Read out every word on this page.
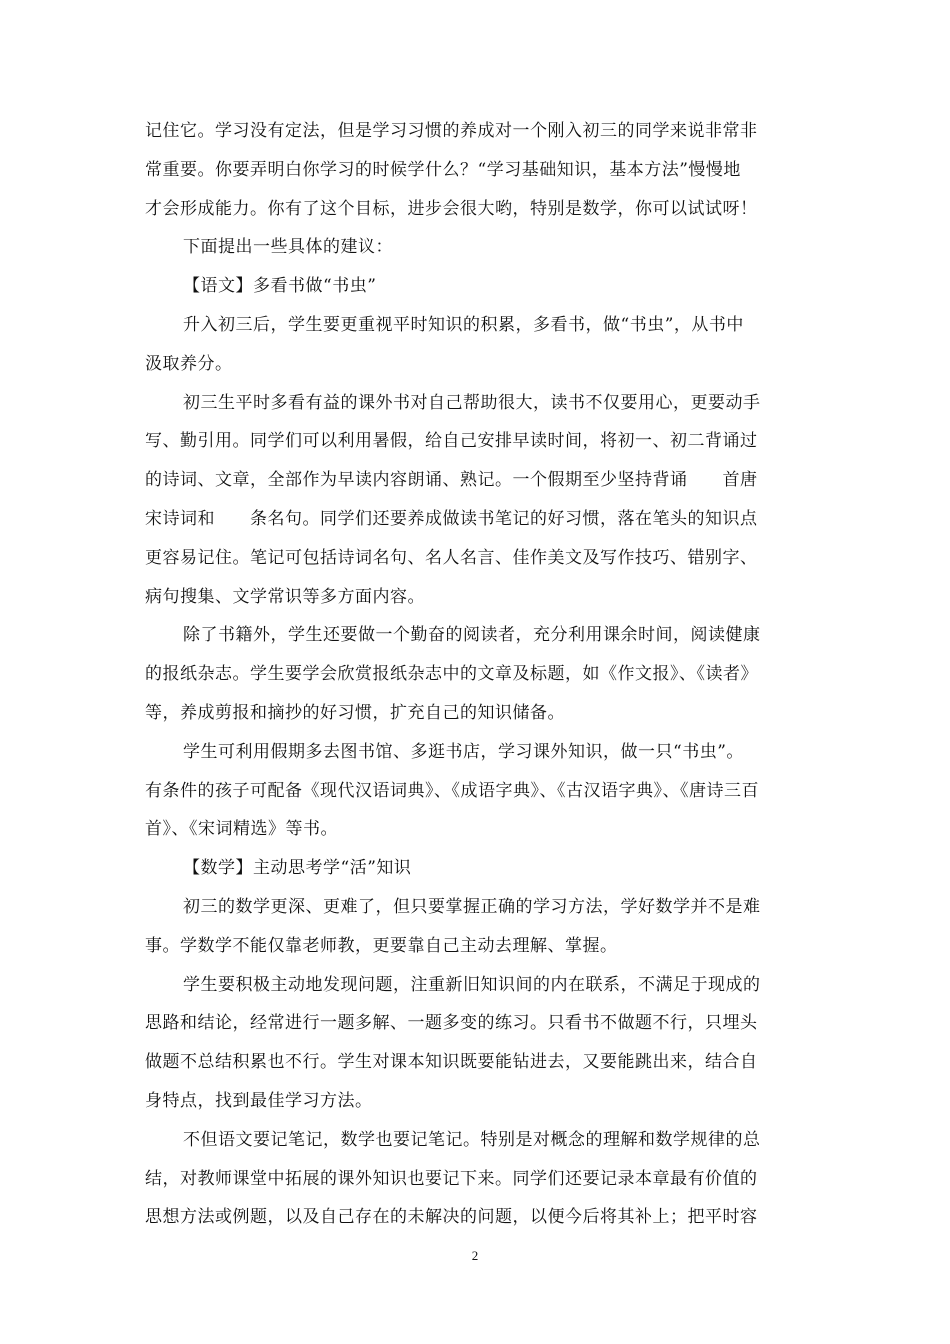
记住它。学习没有定法，但是学习习惯的养成对一个刚入初三的同学来说非常非
常重要。你要弄明白你学习的时候学什么？“学习基础知识，基本方法”慢慢地
才会形成能力。你有了这个目标，进步会很大哟，特别是数学，你可以试试呀！
下面提出一些具体的建议：
【语文】多看书做“书虫”
升入初三后，学生要更重视平时知识的积累，多看书，做“书虫”，从书中
汲取养分。
初三生平时多看有益的课外书对自己帮助很大，读书不仅要用心，更要动手
写、勤引用。同学们可以利用暑假，给自己安排早读时间，将初一、初二背诵过
的诗词、文章，全部作为早读内容朗诵、熟记。一个假期至少坚持背诵　　首唐
宋诗词和　　条名句。同学们还要养成做读书笔记的好习惯，落在笔头的知识点
更容易记住。笔记可包括诗词名句、名人名言、佳作美文及写作技巧、错别字、
病句搜集、文学常识等多方面内容。
除了书籍外，学生还要做一个勤奋的阅读者，充分利用课余时间，阅读健康
的报纸杂志。学生要学会欣赏报纸杂志中的文章及标题，如《作文报》、《读者》
等，养成剪报和摘抄的好习惯，扩充自己的知识储备。
学生可利用假期多去图书馆、多逛书店，学习课外知识，做一只“书虫”。
有条件的孩子可配备《现代汉语词典》、《成语字典》、《古汉语字典》、《唐诗三百
首》、《宋词精选》等书。
【数学】主动思考学“活”知识
初三的数学更深、更难了，但只要掌握正确的学习方法，学好数学并不是难
事。学数学不能仅靠老师教，更要靠自己主动去理解、掌握。
学生要积极主动地发现问题，注重新旧知识间的内在联系，不满足于现成的
思路和结论，经常进行一题多解、一题多变的练习。只看书不做题不行，只埋头
做题不总结积累也不行。学生对课本知识既要能钻进去，又要能跳出来，结合自
身特点，找到最佳学习方法。
不但语文要记笔记，数学也要记笔记。特别是对概念的理解和数学规律的总
结，对教师课堂中拓展的课外知识也要记下来。同学们还要记录本章最有价值的
思想方法或例题，以及自己存在的未解决的问题，以便今后将其补上；把平时容
2
